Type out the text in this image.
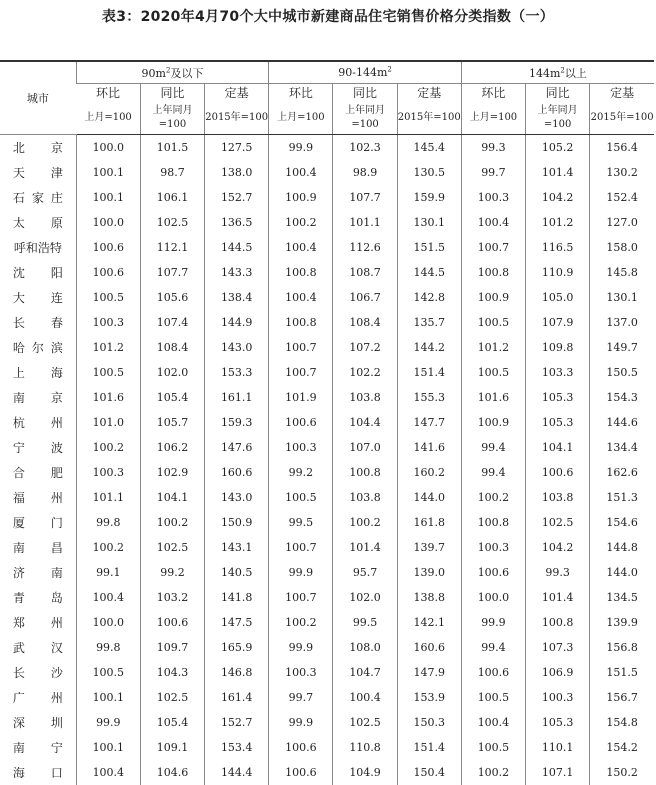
表3：2020年4月70个大中城市新建商品住宅销售价格分类指数（一）
城市	$90m^2$及以下			$90-144m^2$			$144m^2$以上		
	环比	同比	定基	环比	同比	定基	环比	同比	定基
	上月=100	上年同月=100	2015年=100	上月=100	上年同月=100	2015年=100	上月=100	上年同月=100	2015年=100
北京	100.0	101.5	127.5	99.9	102.3	145.4	99.3	105.2	156.4
天津	100.1	98.7	138.0	100.4	98.9	130.5	99.7	101.4	130.2
石家庄	100.1	106.1	152.7	100.9	107.7	159.9	100.3	104.2	152.4
太原	100.0	102.5	136.5	100.2	101.1	130.1	100.4	101.2	127.0
呼和浩特	100.6	112.1	144.5	100.4	112.6	151.5	100.7	116.5	158.0
沈阳	100.6	107.7	143.3	100.8	108.7	144.5	100.8	110.9	145.8
大连	100.5	105.6	138.4	100.4	106.7	142.8	100.9	105.0	130.1
长春	100.3	107.4	144.9	100.8	108.4	135.7	100.5	107.9	137.0
哈尔滨	101.2	108.4	143.0	100.7	107.2	144.2	101.2	109.8	149.7
上海	100.5	102.0	153.3	100.7	102.2	151.4	100.5	103.3	150.5
南京	101.6	105.4	161.1	101.9	103.8	155.3	101.6	105.3	154.3
杭州	101.0	105.7	159.3	100.6	104.4	147.7	100.9	105.3	144.6
宁波	100.2	106.2	147.6	100.3	107.0	141.6	99.4	104.1	134.4
合肥	100.3	102.9	160.6	99.2	100.8	160.2	99.4	100.6	162.6
福州	101.1	104.1	143.0	100.5	103.8	144.0	100.2	103.8	151.3
厦门	99.8	100.2	150.9	99.5	100.2	161.8	100.8	102.5	154.6
南昌	100.2	102.5	143.1	100.7	101.4	139.7	100.3	104.2	144.8
济南	99.1	99.2	140.5	99.9	95.7	139.0	100.6	99.3	144.0
青岛	100.4	103.2	141.8	100.7	102.0	138.8	100.0	101.4	134.5
郑州	100.0	100.6	147.5	100.2	99.5	142.1	99.9	100.8	139.9
武汉	99.8	109.7	165.9	99.9	108.0	160.6	99.4	107.3	156.8
长沙	100.5	104.3	146.8	100.3	104.7	147.9	100.6	106.9	151.5
广州	100.1	102.5	161.4	99.7	100.4	153.9	100.5	100.3	156.7
深圳	99.9	105.4	152.7	99.9	102.5	150.3	100.4	105.3	154.8
南宁	100.1	109.1	153.4	100.6	110.8	151.4	100.5	110.1	154.2
海口	100.4	104.6	144.4	100.6	104.9	150.4	100.2	107.1	150.2
